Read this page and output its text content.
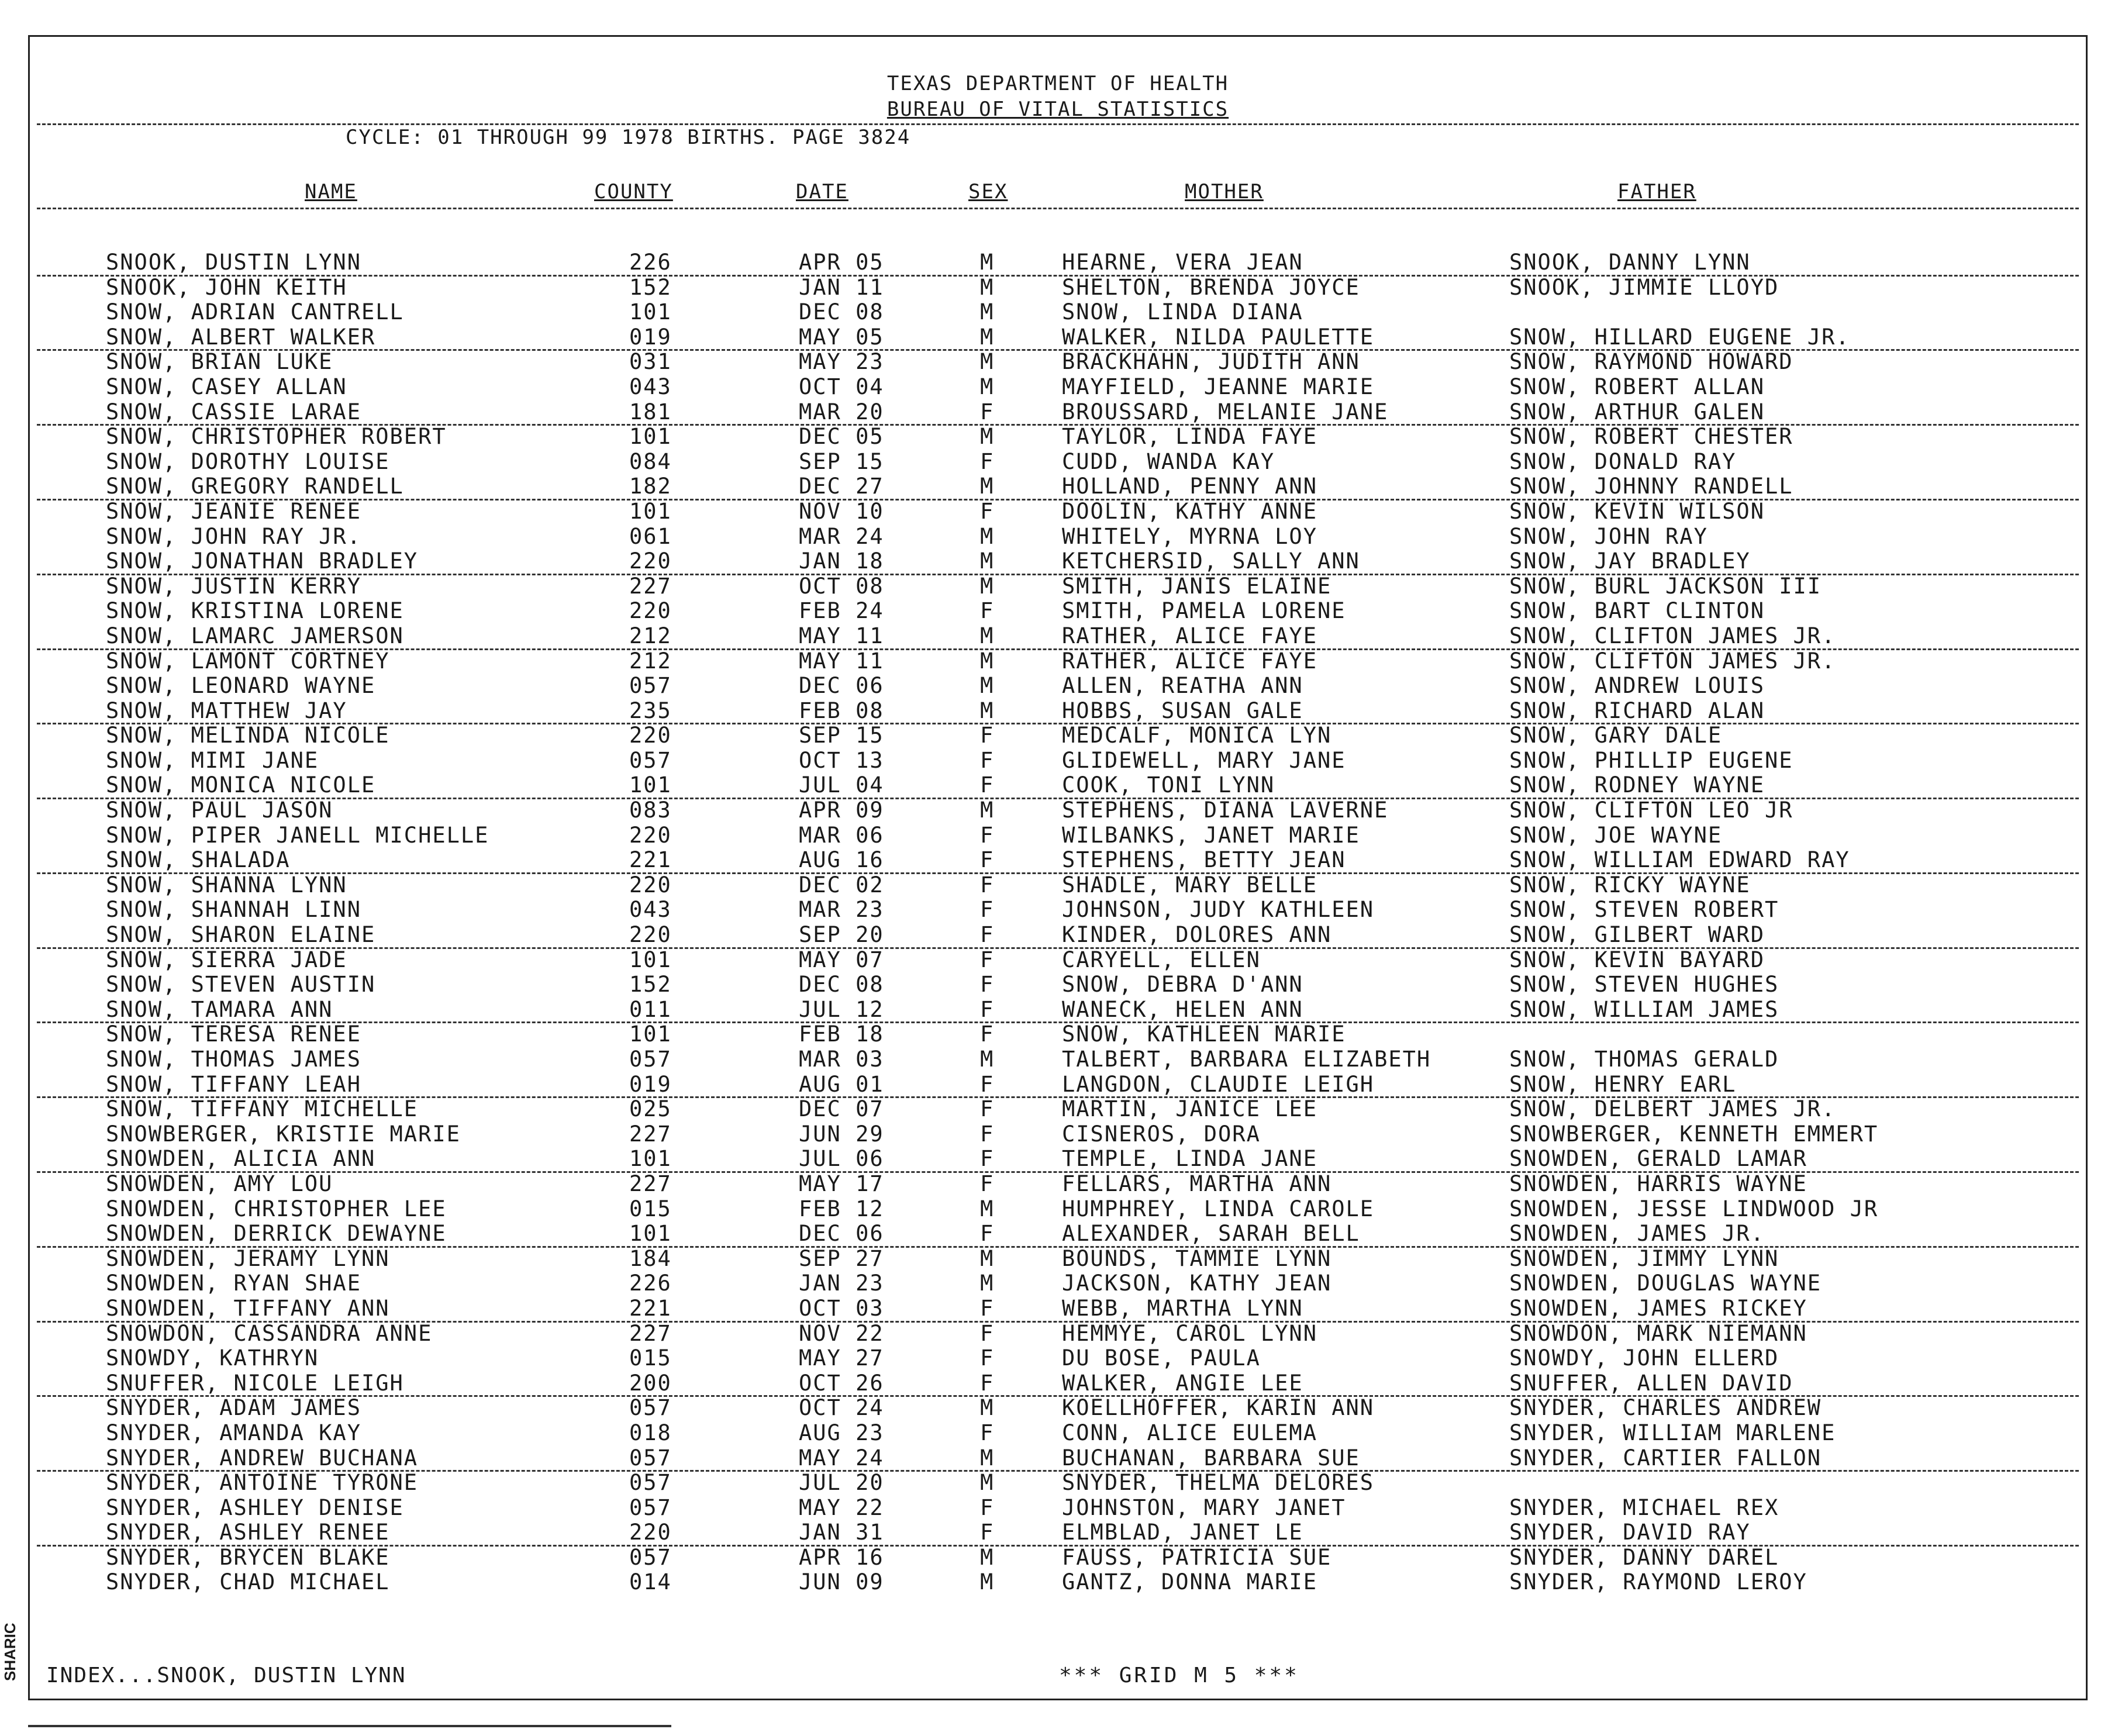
TEXAS DEPARTMENT OF HEALTH
BUREAU OF VITAL STATISTICS
CYCLE: 01 THROUGH 99 1978 BIRTHS. PAGE 3824
NAME	COUNTY	DATE	SEX	MOTHER	FATHER
SNOOK, DUSTIN LYNN	226	APR 05	M	HEARNE, VERA JEAN	SNOOK, DANNY LYNN
SNOOK, JOHN KEITH	152	JAN 11	M	SHELTON, BRENDA JOYCE	SNOOK, JIMMIE LLOYD
SNOW, ADRIAN CANTRELL	101	DEC 08	M	SNOW, LINDA DIANA
SNOW, ALBERT WALKER	019	MAY 05	M	WALKER, NILDA PAULETTE	SNOW, HILLARD EUGENE JR.
SNOW, BRIAN LUKE	031	MAY 23	M	BRACKHAHN, JUDITH ANN	SNOW, RAYMOND HOWARD
SNOW, CASEY ALLAN	043	OCT 04	M	MAYFIELD, JEANNE MARIE	SNOW, ROBERT ALLAN
SNOW, CASSIE LARAE	181	MAR 20	F	BROUSSARD, MELANIE JANE	SNOW, ARTHUR GALEN
SNOW, CHRISTOPHER ROBERT	101	DEC 05	M	TAYLOR, LINDA FAYE	SNOW, ROBERT CHESTER
SNOW, DOROTHY LOUISE	084	SEP 15	F	CUDD, WANDA KAY	SNOW, DONALD RAY
SNOW, GREGORY RANDELL	182	DEC 27	M	HOLLAND, PENNY ANN	SNOW, JOHNNY RANDELL
SNOW, JEANIE RENEE	101	NOV 10	F	DOOLIN, KATHY ANNE	SNOW, KEVIN WILSON
SNOW, JOHN RAY JR.	061	MAR 24	M	WHITELY, MYRNA LOY	SNOW, JOHN RAY
SNOW, JONATHAN BRADLEY	220	JAN 18	M	KETCHERSID, SALLY ANN	SNOW, JAY BRADLEY
SNOW, JUSTIN KERRY	227	OCT 08	M	SMITH, JANIS ELAINE	SNOW, BURL JACKSON III
SNOW, KRISTINA LORENE	220	FEB 24	F	SMITH, PAMELA LORENE	SNOW, BART CLINTON
SNOW, LAMARC JAMERSON	212	MAY 11	M	RATHER, ALICE FAYE	SNOW, CLIFTON JAMES JR.
SNOW, LAMONT CORTNEY	212	MAY 11	M	RATHER, ALICE FAYE	SNOW, CLIFTON JAMES JR.
SNOW, LEONARD WAYNE	057	DEC 06	M	ALLEN, REATHA ANN	SNOW, ANDREW LOUIS
SNOW, MATTHEW JAY	235	FEB 08	M	HOBBS, SUSAN GALE	SNOW, RICHARD ALAN
SNOW, MELINDA NICOLE	220	SEP 15	F	MEDCALF, MONICA LYN	SNOW, GARY DALE
SNOW, MIMI JANE	057	OCT 13	F	GLIDEWELL, MARY JANE	SNOW, PHILLIP EUGENE
SNOW, MONICA NICOLE	101	JUL 04	F	COOK, TONI LYNN	SNOW, RODNEY WAYNE
SNOW, PAUL JASON	083	APR 09	M	STEPHENS, DIANA LAVERNE	SNOW, CLIFTON LEO JR
SNOW, PIPER JANELL MICHELLE	220	MAR 06	F	WILBANKS, JANET MARIE	SNOW, JOE WAYNE
SNOW, SHALADA	221	AUG 16	F	STEPHENS, BETTY JEAN	SNOW, WILLIAM EDWARD RAY
SNOW, SHANNA LYNN	220	DEC 02	F	SHADLE, MARY BELLE	SNOW, RICKY WAYNE
SNOW, SHANNAH LINN	043	MAR 23	F	JOHNSON, JUDY KATHLEEN	SNOW, STEVEN ROBERT
SNOW, SHARON ELAINE	220	SEP 20	F	KINDER, DOLORES ANN	SNOW, GILBERT WARD
SNOW, SIERRA JADE	101	MAY 07	F	CARYELL, ELLEN	SNOW, KEVIN BAYARD
SNOW, STEVEN AUSTIN	152	DEC 08	F	SNOW, DEBRA D'ANN	SNOW, STEVEN HUGHES
SNOW, TAMARA ANN	011	JUL 12	F	WANECK, HELEN ANN	SNOW, WILLIAM JAMES
SNOW, TERESA RENEE	101	FEB 18	F	SNOW, KATHLEEN MARIE
SNOW, THOMAS JAMES	057	MAR 03	M	TALBERT, BARBARA ELIZABETH	SNOW, THOMAS GERALD
SNOW, TIFFANY LEAH	019	AUG 01	F	LANGDON, CLAUDIE LEIGH	SNOW, HENRY EARL
SNOW, TIFFANY MICHELLE	025	DEC 07	F	MARTIN, JANICE LEE	SNOW, DELBERT JAMES JR.
SNOWBERGER, KRISTIE MARIE	227	JUN 29	F	CISNEROS, DORA	SNOWBERGER, KENNETH EMMERT
SNOWDEN, ALICIA ANN	101	JUL 06	F	TEMPLE, LINDA JANE	SNOWDEN, GERALD LAMAR
SNOWDEN, AMY LOU	227	MAY 17	F	FELLARS, MARTHA ANN	SNOWDEN, HARRIS WAYNE
SNOWDEN, CHRISTOPHER LEE	015	FEB 12	M	HUMPHREY, LINDA CAROLE	SNOWDEN, JESSE LINDWOOD JR
SNOWDEN, DERRICK DEWAYNE	101	DEC 06	F	ALEXANDER, SARAH BELL	SNOWDEN, JAMES JR.
SNOWDEN, JERAMY LYNN	184	SEP 27	M	BOUNDS, TAMMIE LYNN	SNOWDEN, JIMMY LYNN
SNOWDEN, RYAN SHAE	226	JAN 23	M	JACKSON, KATHY JEAN	SNOWDEN, DOUGLAS WAYNE
SNOWDEN, TIFFANY ANN	221	OCT 03	F	WEBB, MARTHA LYNN	SNOWDEN, JAMES RICKEY
SNOWDON, CASSANDRA ANNE	227	NOV 22	F	HEMMYE, CAROL LYNN	SNOWDON, MARK NIEMANN
SNOWDY, KATHRYN	015	MAY 27	F	DU BOSE, PAULA	SNOWDY, JOHN ELLERD
SNUFFER, NICOLE LEIGH	200	OCT 26	F	WALKER, ANGIE LEE	SNUFFER, ALLEN DAVID
SNYDER, ADAM JAMES	057	OCT 24	M	KOELLHOFFER, KARIN ANN	SNYDER, CHARLES ANDREW
SNYDER, AMANDA KAY	018	AUG 23	F	CONN, ALICE EULEMA	SNYDER, WILLIAM MARLENE
SNYDER, ANDREW BUCHANA	057	MAY 24	M	BUCHANAN, BARBARA SUE	SNYDER, CARTIER FALLON
SNYDER, ANTOINE TYRONE	057	JUL 20	M	SNYDER, THELMA DELORES
SNYDER, ASHLEY DENISE	057	MAY 22	F	JOHNSTON, MARY JANET	SNYDER, MICHAEL REX
SNYDER, ASHLEY RENEE	220	JAN 31	F	ELMBLAD, JANET LE	SNYDER, DAVID RAY
SNYDER, BRYCEN BLAKE	057	APR 16	M	FAUSS, PATRICIA SUE	SNYDER, DANNY DAREL
SNYDER, CHAD MICHAEL	014	JUN 09	M	GANTZ, DONNA MARIE	SNYDER, RAYMOND LEROY
INDEX...SNOOK, DUSTIN LYNN	*** GRID M 5 ***
SHARIC
